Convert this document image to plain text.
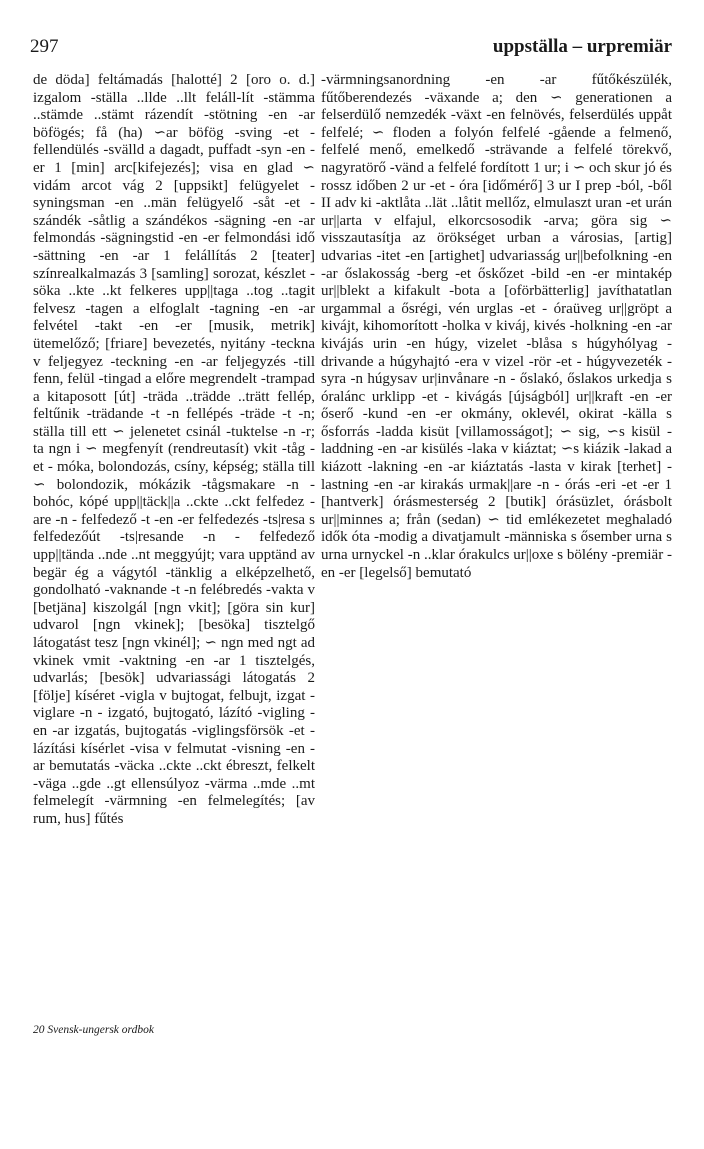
297	uppställa – urpremiär

de döda] feltámadás [halotté] 2 [oro o. d.] izgalom -ställa ..llde ..llt feláll-lít -stämma ..stämde ..stämt rázendít -stötning -en -ar böfögés; få (ha) ∽ar böfög -sving -et - fellendülés -svälld a dagadt, puffadt -syn -en -er 1 [min] arc[kifejezés]; visa en glad ∽ vidám arcot vág 2 [uppsikt] felügyelet -syningsman -en ..män felügyelő -såt -et - szándék -såtlig a szándékos -sägning -en -ar felmondás -sägningstid -en -er felmondási idő -sättning -en -ar 1 felállítás 2 [teater] színrealkalmazás 3 [samling] sorozat, készlet -söka ..kte ..kt felkeres upp||taga ..tog ..tagit felvesz -tagen a elfoglalt -tagning -en -ar felvétel -takt -en -er [musik, metrik] ütemelőző; [friare] bevezetés, nyitány -teckna v feljegyez -teckning -en -ar feljegyzés -till fenn, felül -tingad a előre megrendelt -trampad a kitaposott [út] -träda ..trädde ..trätt fellép, feltűnik -trädande -t -n fellépés -träde -t -n; ställa till ett ∽ jelenetet csinál -tuktelse -n -r; ta ngn i ∽ megfenyít (rendreutasít) vkit -tåg -et - móka, bolondozás, csíny, képség; ställa till ∽ bolondozik, mókázik -tågsmakare -n - bohóc, kópé upp||täck||a ..ckte ..ckt felfedez -are -n - felfedező -t -en -er felfedezés -ts|resa s felfedezőút -ts|resande -n - felfedező upp||tända ..nde ..nt meggyújt; vara upptänd av begär ég a vágytól -tänklig a elképzelhető, gondolható -vaknande -t -n felébredés -vakta v [betjäna] kiszolgál [ngn vkit]; [göra sin kur] udvarol [ngn vkinek]; [besöka] tisztelgő látogatást tesz [ngn vkinél]; ∽ ngn med ngt ad vkinek vmit -vaktning -en -ar 1 tisztelgés, udvarlás; [besök] udvariassági látogatás 2 [följe] kíséret -vigla v bujtogat, felbujt, izgat -viglare -n - izgató, bujtogató, lázító -vigling -en -ar izgatás, bujtogatás -viglingsförsök -et - lázítási kísérlet -visa v felmutat -visning -en -ar bemutatás -väcka ..ckte ..ckt ébreszt, felkelt -väga ..gde ..gt ellensúlyoz -värma ..mde ..mt felmelegít -värmning -en felmelegítés; [av rum, hus] fűtés

-värmningsanordning -en -ar fűtőkészülék, fűtőberendezés -växande a; den ∽ generationen a felserdülő nemzedék -växt -en felnövés, felserdülés uppåt felfelé; ∽ floden a folyón felfelé -gående a felmenő, felfelé menő, emelkedő -strävande a felfelé törekvő, nagyratörő -vänd a felfelé fordított 1 ur; i ∽ och skur jó és rossz időben 2 ur -et - óra [időmérő] 3 ur I prep -ból, -ből II adv ki -aktlåta ..lät ..låtit mellőz, elmulaszt uran -et urán ur||arta v elfajul, elkorcsosodik -arva; göra sig ∽ visszautasítja az örökséget urban a városias, [artig] udvarias -itet -en [artighet] udvariasság ur||befolkning -en -ar őslakosság -berg -et őskőzet -bild -en -er mintakép ur||blekt a kifakult -bota a [oförbätterlig] javíthatatlan urgammal a ősrégi, vén urglas -et - óraüveg ur||gröpt a kivájt, kihomorított -holka v kiváj, kivés -holkning -en -ar kivájás urin -en húgy, vizelet -blåsa s húgyhólyag -drivande a húgyhajtó -era v vizel -rör -et - húgyvezeték -syra -n húgysav ur|invånare -n - őslakó, őslakos urkedja s óralánc urklipp -et - kivágás [újságból] ur||kraft -en -er őserő -kund -en -er okmány, oklevél, okirat -källa s ősforrás -ladda kisüt [villamosságot]; ∽ sig, ∽s kisül -laddning -en -ar kisülés -laka v kiáztat; ∽s kiázik -lakad a kiázott -lakning -en -ar kiáztatás -lasta v kirak [terhet] -lastning -en -ar kirakás urmak||are -n - órás -eri -et -er 1 [hantverk] órásmesterség 2 [butik] órásüzlet, órásbolt ur||minnes a; från (sedan) ∽ tid emlékezetet meghaladó idők óta -modig a divatjamult -människa s ősember urna s urna urnyckel -n ..klar órakulcs ur||oxe s bölény -premiär -en -er [legelső] bemutató

20 Svensk-ungersk ordbok
